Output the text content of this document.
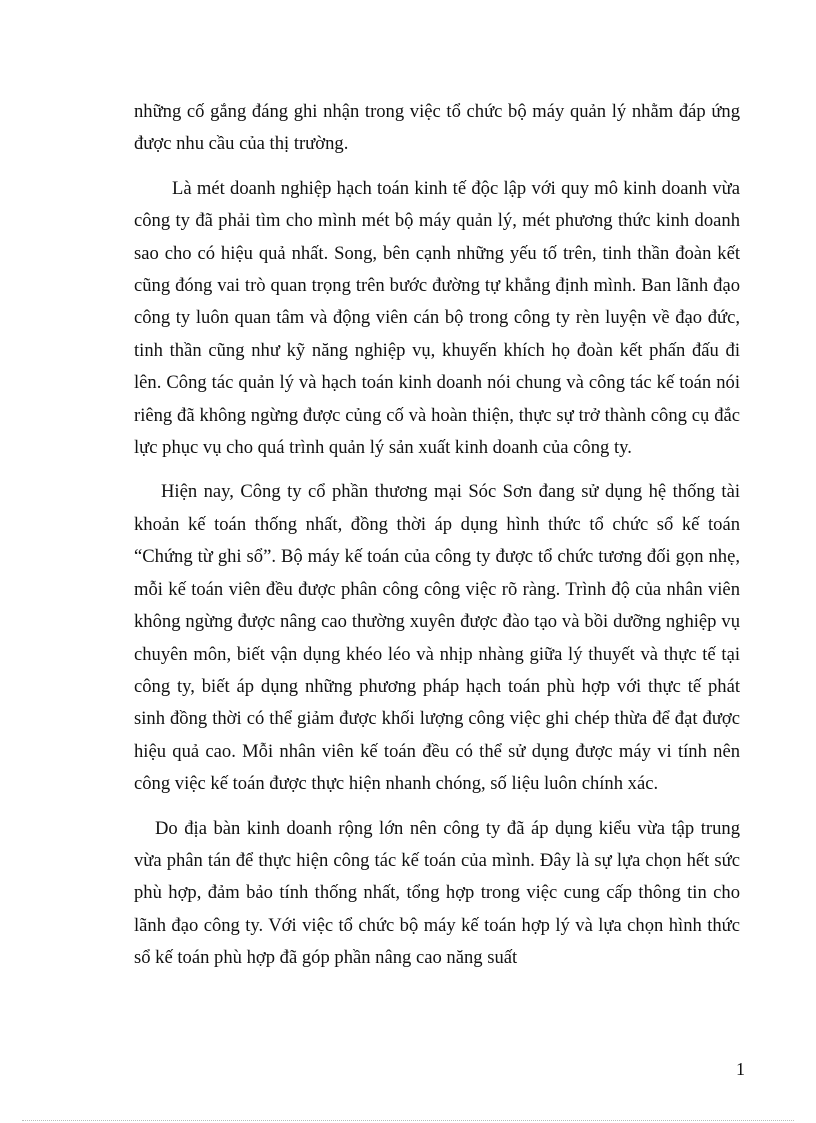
những cố gắng đáng ghi nhận trong việc tổ chức bộ máy quản lý nhằm đáp ứng được nhu cầu của thị trường.

Là mét doanh nghiệp hạch toán kinh tế độc lập với quy mô kinh doanh vừa công ty đã phải tìm cho mình mét bộ máy quản lý, mét phương thức kinh doanh sao cho có hiệu quả nhất. Song, bên cạnh những yếu tố trên, tinh thần đoàn kết cũng đóng vai trò quan trọng trên bước đường tự khẳng định mình. Ban lãnh đạo công ty luôn quan tâm và động viên cán bộ trong công ty rèn luyện về đạo đức, tinh thần cũng như kỹ năng nghiệp vụ, khuyến khích họ đoàn kết phấn đấu đi lên. Công tác quản lý và hạch toán kinh doanh nói chung và công tác kế toán nói riêng đã không ngừng được củng cố và hoàn thiện, thực sự trở thành công cụ đắc lực phục vụ cho quá trình quản lý sản xuất kinh doanh của công ty.

Hiện nay, Công ty cổ phần thương mại Sóc Sơn đang sử dụng hệ thống tài khoản kế toán thống nhất, đồng thời áp dụng hình thức tổ chức sổ kế toán “Chứng từ ghi sổ”. Bộ máy kế toán của công ty được tổ chức tương đối gọn nhẹ, mỗi kế toán viên đều được phân công công việc rõ ràng. Trình độ của nhân viên không ngừng được nâng cao thường xuyên được đào tạo và bồi dưỡng nghiệp vụ chuyên môn, biết vận dụng khéo léo và nhịp nhàng giữa lý thuyết và thực tế tại công ty, biết áp dụng những phương pháp hạch toán phù hợp với thực tế phát sinh đồng thời có thể giảm được khối lượng công việc ghi chép thừa để đạt được hiệu quả cao. Mỗi nhân viên kế toán đều có thể sử dụng được máy vi tính nên công việc kế toán được thực hiện nhanh chóng, số liệu luôn chính xác.

Do địa bàn kinh doanh rộng lớn nên công ty đã áp dụng kiểu vừa tập trung vừa phân tán để thực hiện công tác kế toán của mình. Đây là sự lựa chọn hết sức phù hợp, đảm bảo tính thống nhất, tổng hợp trong việc cung cấp thông tin cho lãnh đạo công ty. Với việc tổ chức bộ máy kế toán hợp lý và lựa chọn hình thức sổ kế toán phù hợp đã góp phần nâng cao năng suất

1
